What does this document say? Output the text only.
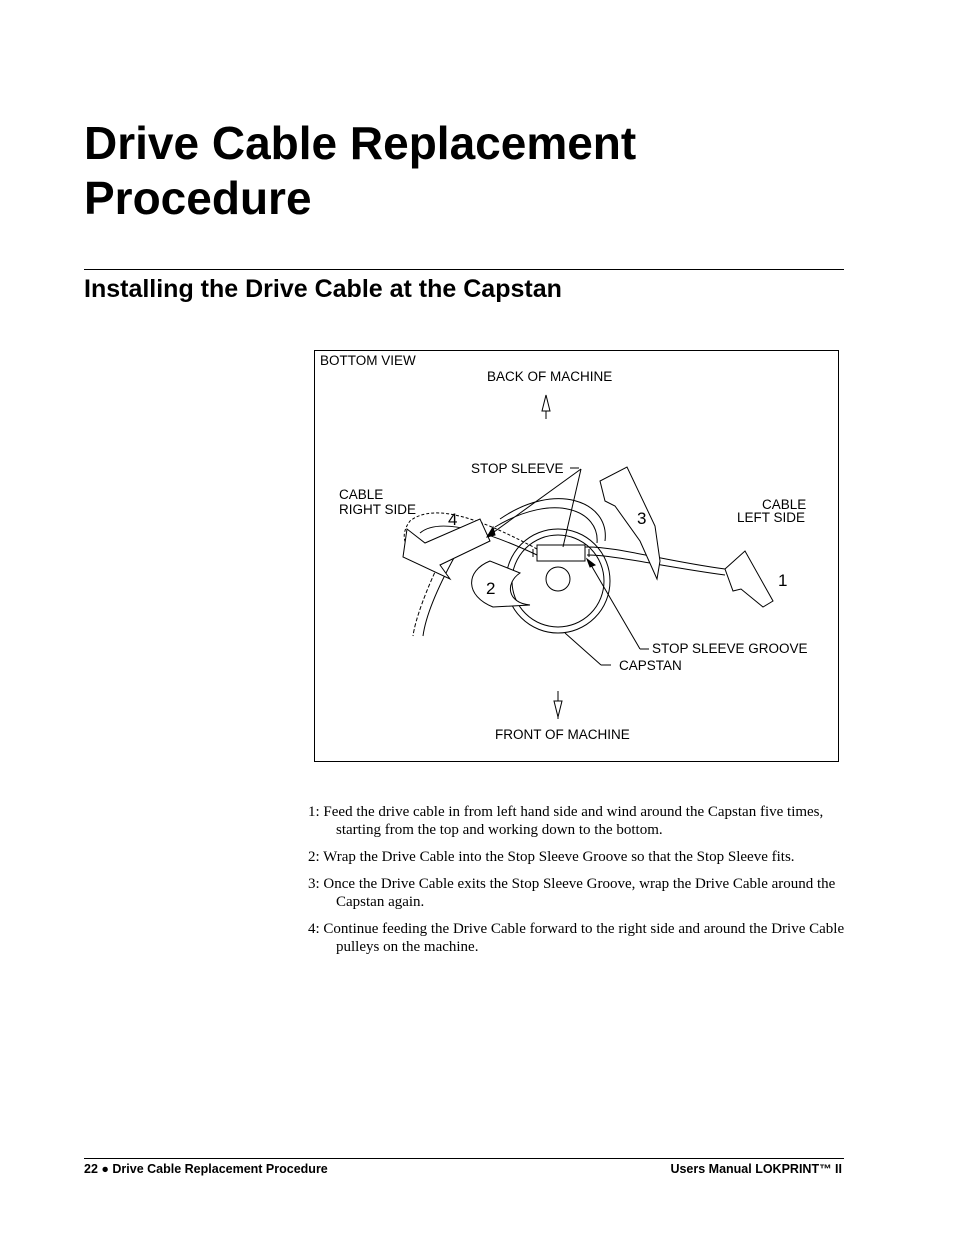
Drive Cable Replacement Procedure
Installing the Drive Cable at the Capstan
BOTTOM VIEW
BACK OF MACHINE
STOP SLEEVE
CABLE
RIGHT SIDE	CABLE
LEFT SIDE
STOP SLEEVE GROOVE
CAPSTAN
FRONT OF MACHINE
1
2
3
4

1: Feed the drive cable in from left hand side and wind around the Capstan five times, starting from the top and working down to the bottom.

2: Wrap the Drive Cable into the Stop Sleeve Groove so that the Stop Sleeve fits.

3: Once the Drive Cable exits the Stop Sleeve Groove, wrap the Drive Cable around the Capstan again.

4: Continue feeding the Drive Cable forward to the right side and around the Drive Cable pulleys on the machine.

22 ● Drive Cable Replacement Procedure	Users Manual LOKPRINT™ II
